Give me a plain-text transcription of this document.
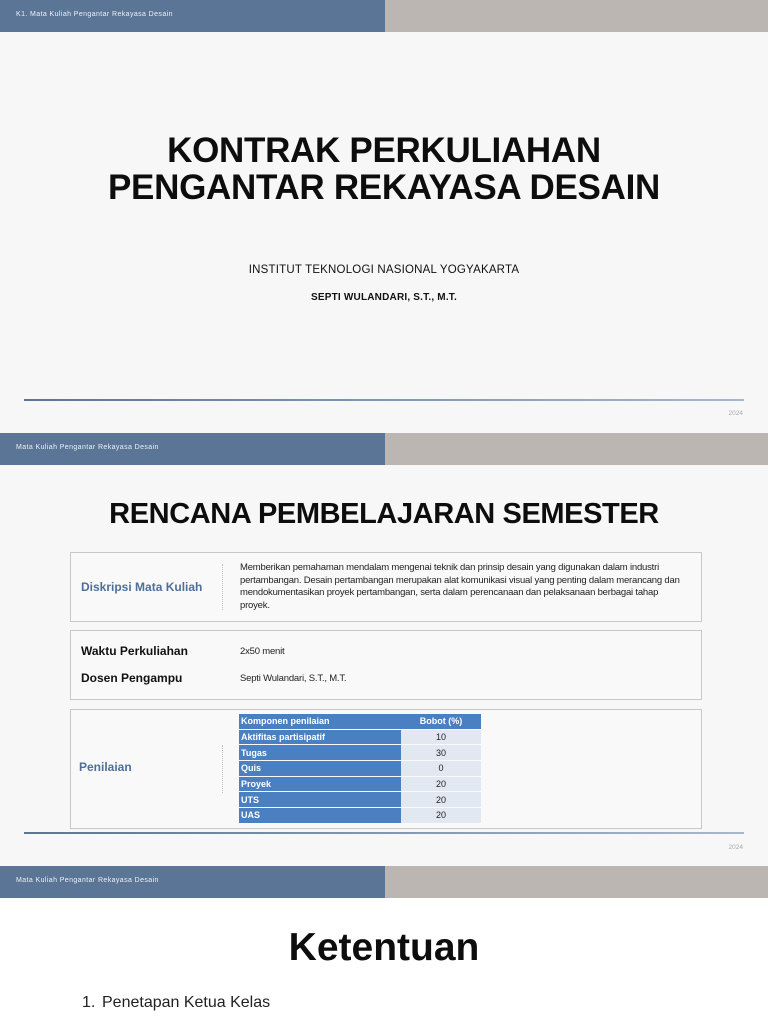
K1. Mata Kuliah Pengantar Rekayasa Desain
KONTRAK PERKULIAHAN
PENGANTAR REKAYASA DESAIN
INSTITUT TEKNOLOGI NASIONAL YOGYAKARTA
SEPTI WULANDARI, S.T., M.T.
2024
Mata Kuliah Pengantar Rekayasa Desain
RENCANA PEMBELAJARAN SEMESTER
Diskripsi Mata Kuliah
Memberikan pemahaman mendalam mengenai teknik dan prinsip desain yang digunakan dalam industri pertambangan. Desain pertambangan merupakan alat komunikasi visual yang penting dalam merancang dan mendokumentasikan proyek pertambangan, serta dalam perencanaan dan pelaksanaan berbagai tahap proyek.
Waktu Perkuliahan	2x50 menit
Dosen Pengampu	Septi Wulandari, S.T., M.T.
Penilaian
Komponen penilaian	Bobot (%)
Aktifitas partisipatif	10
Tugas	30
Quis	0
Proyek	20
UTS	20
UAS	20
2024
Mata Kuliah Pengantar Rekayasa Desain
Ketentuan
1. Penetapan Ketua Kelas
